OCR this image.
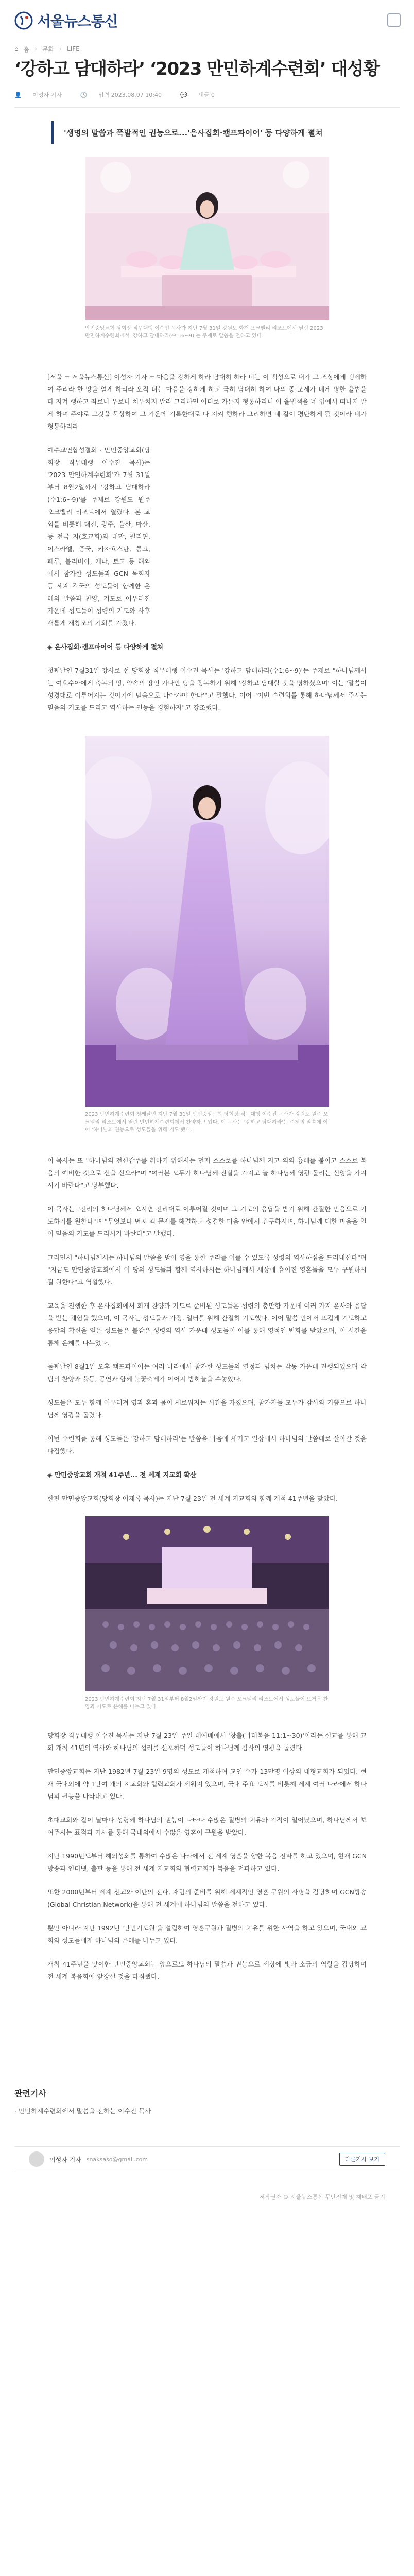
서울뉴스통신
⌂ 홈 › 문화 › LIFE
‘강하고 담대하라’ ‘2023 만민하계수련회’ 대성황
👤 이성자 기자	🕓 입력 2023.08.07 10:40	💬 댓글 0
'생명의 말씀과 폭발적인 권능으로...'은사집회·캠프파이어' 등 다양하게 펼쳐

만민중앙교회 당회장 직무대행 이수진 목사가 지난 7월 31일 강원도 화천 오크밸리 리조트에서 열린 2023 만민하계수련회에서 '강하고 담대하라(수1:6~9)'는 주제로 말씀을 전하고 있다.

[서울 = 서울뉴스통신] 이성자 기자 = 마음을 강하게 하라 담대히 하라 너는 이 백성으로 내가 그 조상에게 맹세하여 주리라 한 땅을 얻게 하리라 오직 너는 마음을 강하게 하고 극히 담대히 하여 나의 종 모세가 네게 명한 율법을 다 지켜 행하고 좌로나 우로나 치우치지 말라 그리하면 어디로 가든지 형통하리니 이 율법책을 네 입에서 떠나지 말게 하며 주야로 그것을 묵상하여 그 가운데 기록한대로 다 지켜 행하라 그리하면 네 길이 평탄하게 될 것이라 네가 형통하리라

예수교연합성결회 · 만민중앙교회(당회장 직무대행 이수진 목사)는 '2023 만민하계수련회'가 7월 31일부터 8월2일까지 '강하고 담대하라(수1:6~9)'를 주제로 강원도 원주 오크밸리 리조트에서 열렸다. 본 교회를 비롯해 대전, 광주, 울산, 마산, 등 전국 지(호교회)와 대만, 필리핀, 이스라엘, 중국, 카자흐스탄, 콩고, 페루, 볼리비아, 케냐, 토고 등 해외에서 참가한 성도들과 GCN 목회자 등 세계 각국의 성도들이 함께한 은혜의 말씀과 찬양, 기도로 어우러진 가운데 성도들이 성령의 기도와 사후 새롭게 재창조의 기회를 가졌다.

◈ 은사집회·캠프파이어 등 다양하게 펼쳐

첫째날인 7월31일 강사로 선 당회장 직무대행 이수진 목사는 '강하고 담대하라(수1:6~9)'는 주제로 "하나님께서는 여호수아에게 축복의 땅, 약속의 땅인 가나안 땅을 정복하기 위해 '강하고 담대할 것을 명하셨으며' 이는 '말씀이 성경대로 이루어지는 것이기에 믿음으로 나아가야 한다'"고 말했다. 이어 "이번 수련회를 통해 하나님께서 주시는 믿음의 기도를 드리고 역사하는 권능을 경험하자"고 강조했다.

2023 만민하계수련회 첫째날인 지난 7월 31일 만민중앙교회 당회장 직무대행 이수진 목사가 강원도 원주 오크밸리 리조트에서 열린 만민하계수련회에서 찬양하고 있다. 이 목사는 '강하고 담대하라'는 주제의 말씀에 이어 '하나님의 권능으로 성도들을 위해 기도'했다.

이 목사는 또 "하나님의 전신갑주를 취하기 위해서는 먼저 스스로를 하나님께 지고 의의 흉배를 붙이고 스스로 복음의 예비한 것으로 신을 신으라"며 "여러분 모두가 하나님께 진실을 가지고 늘 하나님께 영광 돌리는 신앙을 가지시기 바란다"고 당부했다.

이 목사는 "진리의 하나님께서 오시면 진리대로 이루어질 것이며 그 기도의 응답을 받기 위해 간절한 믿음으로 기도하기를 원한다"며 "무엇보다 먼저 죄 문제를 해결하고 성결한 마음 안에서 간구하시며, 하나님께 대한 마음을 열어 믿음의 기도를 드리시기 바란다"고 말했다.

그러면서 "하나님께서는 하나님의 말씀을 받아 영을 통한 주리를 이룰 수 있도록 성령의 역사하심을 드러내신다"며 "지금도 만민중앙교회에서 이 땅의 성도들과 함께 역사하시는 하나님께서 세상에 흩어진 영혼들을 모두 구원하시길 원한다"고 역설했다.

교육을 진행한 후 은사집회에서 회개 찬양과 기도로 준비된 성도들은 성령의 충만함 가운데 여러 가지 은사와 응답을 받는 체험을 했으며, 이 목사는 성도들과 가정, 일터를 위해 간절히 기도했다. 이어 말씀 안에서 뜨겁게 기도하고 응답의 확신을 얻은 성도들은 불같은 성령의 역사 가운데 성도들이 이를 통해 영적인 변화를 받았으며, 이 시간을 통해 은혜를 나누었다.

둘째날인 8월1일 오후 캠프파이어는 여러 나라에서 참가한 성도들의 열정과 넘치는 감동 가운데 진행되었으며 각 팀의 찬양과 율동, 공연과 함께 불꽃축제가 이어져 밤하늘을 수놓았다.

성도들은 모두 함께 어우러져 영과 혼과 몸이 새로워지는 시간을 가졌으며, 참가자들 모두가 감사와 기쁨으로 하나님께 영광을 돌렸다.

이번 수련회를 통해 성도들은 '강하고 담대하라'는 말씀을 마음에 새기고 일상에서 하나님의 말씀대로 살아갈 것을 다짐했다.

◈ 만민중앙교회 개척 41주년... 전 세계 지교회 확산

한편 만민중앙교회(당회장 이재록 목사)는 지난 7월 23일 전 세계 지교회와 함께 개척 41주년을 맞았다.

2023 만민하계수련회 지난 7월 31일부터 8월2일까지 강원도 원주 오크밸리 리조트에서 성도들이 뜨거운 찬양과 기도로 은혜를 나누고 있다.

당회장 직무대행 이수진 목사는 지난 7월 23일 주일 대예배에서 '창출(마태복음 11:1~30)'이라는 설교를 통해 교회 개척 41년의 역사와 하나님의 섭리를 선포하며 성도들이 하나님께 감사의 영광을 돌렸다.

만민중앙교회는 지난 1982년 7월 23일 9명의 성도로 개척하여 교인 수가 13만명 이상의 대형교회가 되었다. 현재 국내외에 약 1만여 개의 지교회와 협력교회가 세워져 있으며, 국내 주요 도시를 비롯해 세계 여러 나라에서 하나님의 권능을 나타내고 있다.

초대교회와 같이 날마다 성령께 하나님의 권능이 나타나 수많은 질병의 치유와 기적이 일어났으며, 하나님께서 보여주시는 표적과 기사를 통해 국내외에서 수많은 영혼이 구원을 받았다.

지난 1990년도부터 해외성회를 통하여 수많은 나라에서 전 세계 영혼을 향한 복음 전파를 하고 있으며, 현재 GCN방송과 인터넷, 출판 등을 통해 전 세계 지교회와 협력교회가 복음을 전파하고 있다.

또한 2000년부터 세계 선교와 이단의 전파, 재림의 준비를 위해 세계적인 영혼 구원의 사명을 감당하며 GCN방송(Global Christian Network)을 통해 전 세계에 하나님의 말씀을 전하고 있다.

뿐만 아니라 지난 1992년 '만민기도원'을 설립하여 영혼구원과 질병의 치유를 위한 사역을 하고 있으며, 국내외 교회와 성도들에게 하나님의 은혜를 나누고 있다.

개척 41주년을 맞이한 만민중앙교회는 앞으로도 하나님의 말씀과 권능으로 세상에 빛과 소금의 역할을 감당하며 전 세계 복음화에 앞장설 것을 다짐했다.

관련기사
· 만민하계수련회에서 말씀을 전하는 이수진 목사
이성자 기자 snaksaso@gmail.com	다른기사 보기
저작권자 © 서울뉴스통신 무단전재 및 재배포 금지
